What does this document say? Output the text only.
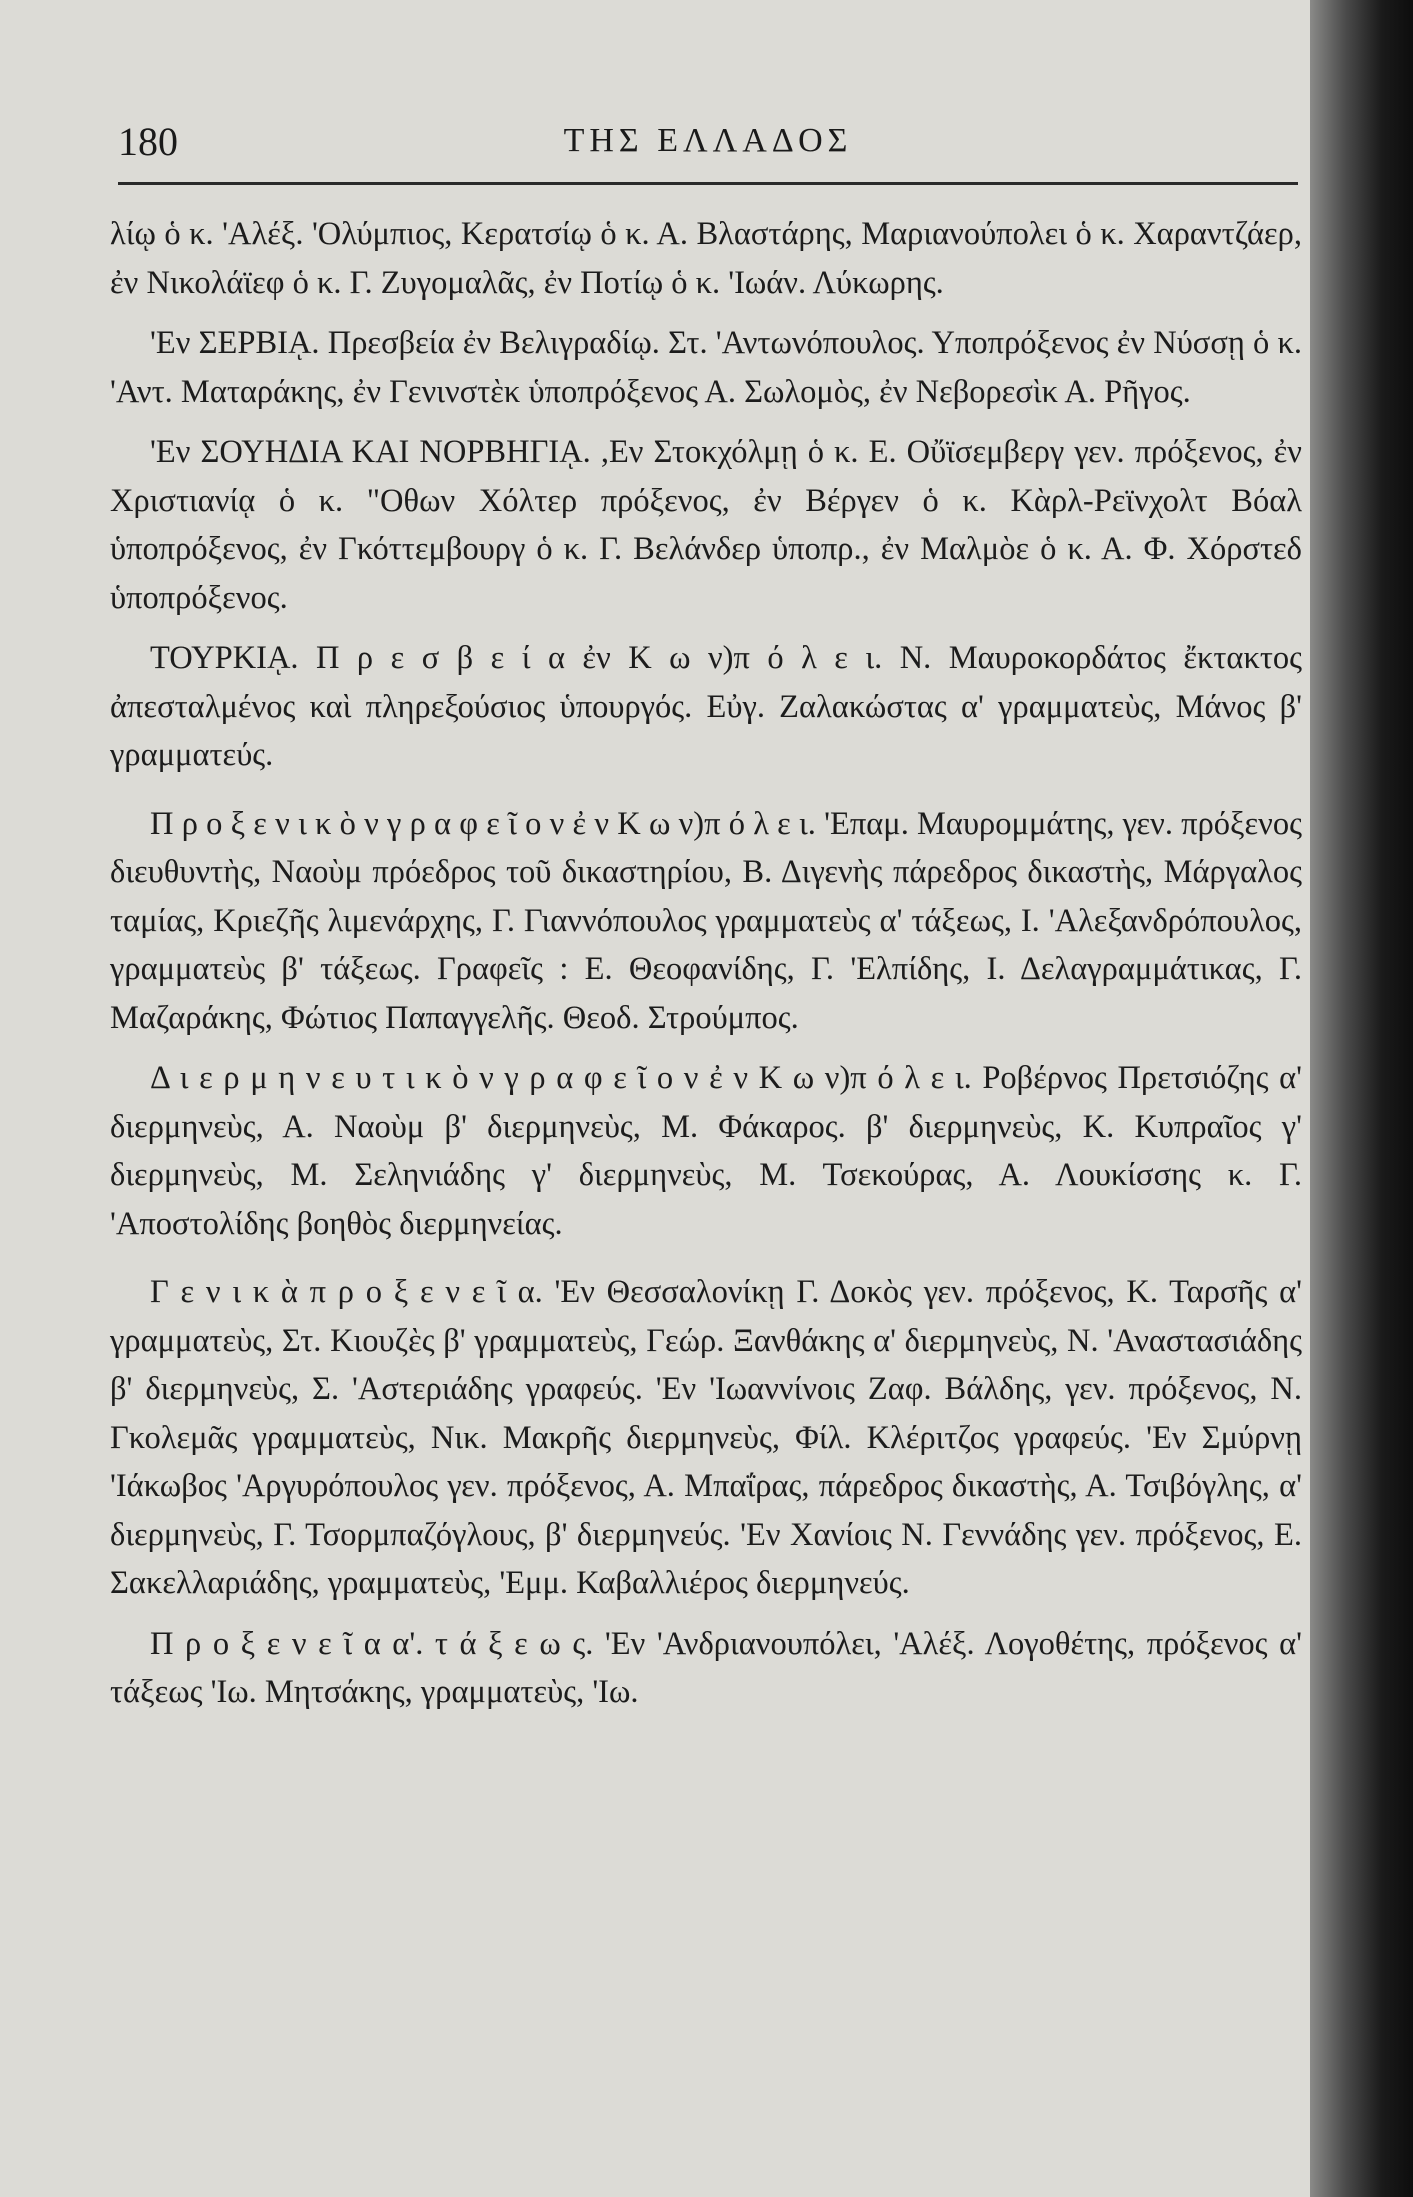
180	ΤΗΣ ΕΛΛΑΔΟΣ

λίῳ ὁ κ. 'Αλέξ. 'Ολύμπιος, Κερατσίῳ ὁ κ. Α. Βλαστάρης, Μαριανούπολει ὁ κ. Χαραντζάερ, ἐν Νικολάϊεφ ὁ κ. Γ. Ζυγομαλᾶς, ἐν Ποτίῳ ὁ κ. 'Ιωάν. Λύκωρης.

'Εν ΣΕΡΒΙᾼ. Πρεσβεία ἐν Βελιγραδίῳ. Στ. 'Αντωνόπουλος. Υποπρόξενος ἐν Νύσσῃ ὁ κ. 'Αντ. Ματαράκης, ἐν Γενινστὲκ ὑποπρόξενος Α. Σωλομὸς, ἐν Νεβορεσὶκ Α. Ρῆγος.

'Εν ΣΟΥΗΔΙΑ ΚΑΙ ΝΟΡΒΗΓΙᾼ. ,Εν Στοκχόλμῃ ὁ κ. Ε. Οὔϊσεμβεργ γεν. πρόξενος, ἐν Χριστιανίᾳ ὁ κ. "Οθων Χόλτερ πρόξενος, ἐν Βέργεν ὁ κ. Κὰρλ-Ρεϊνχολτ Βόαλ ὑποπρόξενος, ἐν Γκόττεμβουργ ὁ κ. Γ. Βελάνδερ ὑποπρ., ἐν Μαλμὸε ὁ κ. Α. Φ. Χόρστεδ ὑποπρόξενος.

ΤΟΥΡΚΙᾼ. Π ρ ε σ β ε ί α ἐν Κ ω ν)π ό λ ε ι. Ν. Μαυροκορδάτος ἔκτακτος ἀπεσταλμένος καὶ πληρεξούσιος ὑπουργός. Εὐγ. Ζαλακώστας α' γραμματεὺς, Μάνος β' γραμματεύς.

Π ρ ο ξ ε ν ι κ ὸ ν γ ρ α φ ε ῖ ο ν ἐ ν Κ ω ν)π ό λ ε ι. 'Επαμ. Μαυρομμάτης, γεν. πρόξενος διευθυντὴς, Ναοὺμ πρόεδρος τοῦ δικαστηρίου, Β. Διγενὴς πάρεδρος δικαστὴς, Μάργαλος ταμίας, Κριεζῆς λιμενάρχης, Γ. Γιαννόπουλος γραμματεὺς α' τάξεως, Ι. 'Αλεξανδρόπουλος, γραμματεὺς β' τάξεως. Γραφεῖς : Ε. Θεοφανίδης, Γ. 'Ελπίδης, Ι. Δελαγραμμάτικας, Γ. Μαζαράκης, Φώτιος Παπαγγελῆς. Θεοδ. Στρούμπος.

Δ ι ε ρ μ η ν ε υ τ ι κ ὸ ν γ ρ α φ ε ῖ ο ν ἐ ν Κ ω ν)π ό λ ε ι. Ροβέρνος Πρετσιόζης α' διερμηνεὺς, Α. Ναοὺμ β' διερμηνεὺς, Μ. Φάκαρος. β' διερμηνεὺς, Κ. Κυπραῖος γ' διερμηνεὺς, Μ. Σεληνιάδης γ' διερμηνεὺς, Μ. Τσεκούρας, Α. Λουκίσσης κ. Γ. 'Αποστολίδης βοηθὸς διερμηνείας.

Γ ε ν ι κ ὰ π ρ ο ξ ε ν ε ῖ α. 'Εν Θεσσαλονίκῃ Γ. Δοκὸς γεν. πρόξενος, Κ. Ταρσῆς α' γραμματεὺς, Στ. Κιουζὲς β' γραμματεὺς, Γεώρ. Ξανθάκης α' διερμηνεὺς, Ν. 'Αναστασιάδης β' διερμηνεὺς, Σ. 'Αστεριάδης γραφεύς. 'Εν 'Ιωαννίνοις Ζαφ. Βάλδης, γεν. πρόξενος, Ν. Γκολεμᾶς γραμματεὺς, Νικ. Μακρῆς διερμηνεὺς, Φίλ. Κλέριτζος γραφεύς. 'Εν Σμύρνῃ 'Ιάκωβος 'Αργυρόπουλος γεν. πρόξενος, Α. Μπαΐρας, πάρεδρος δικαστὴς, Α. Τσιβόγλης, α' διερμηνεὺς, Γ. Τσορμπαζόγλους, β' διερμηνεύς. 'Εν Χανίοις Ν. Γεννάδης γεν. πρόξενος, Ε. Σακελλαριάδης, γραμματεὺς, 'Εμμ. Καβαλλιέρος διερμηνεύς.

Π ρ ο ξ ε ν ε ῖ α α'. τ ά ξ ε ω ς. 'Εν 'Ανδριανουπόλει, 'Αλέξ. Λογοθέτης, πρόξενος α' τάξεως 'Ιω. Μητσάκης, γραμματεὺς, 'Ιω.
